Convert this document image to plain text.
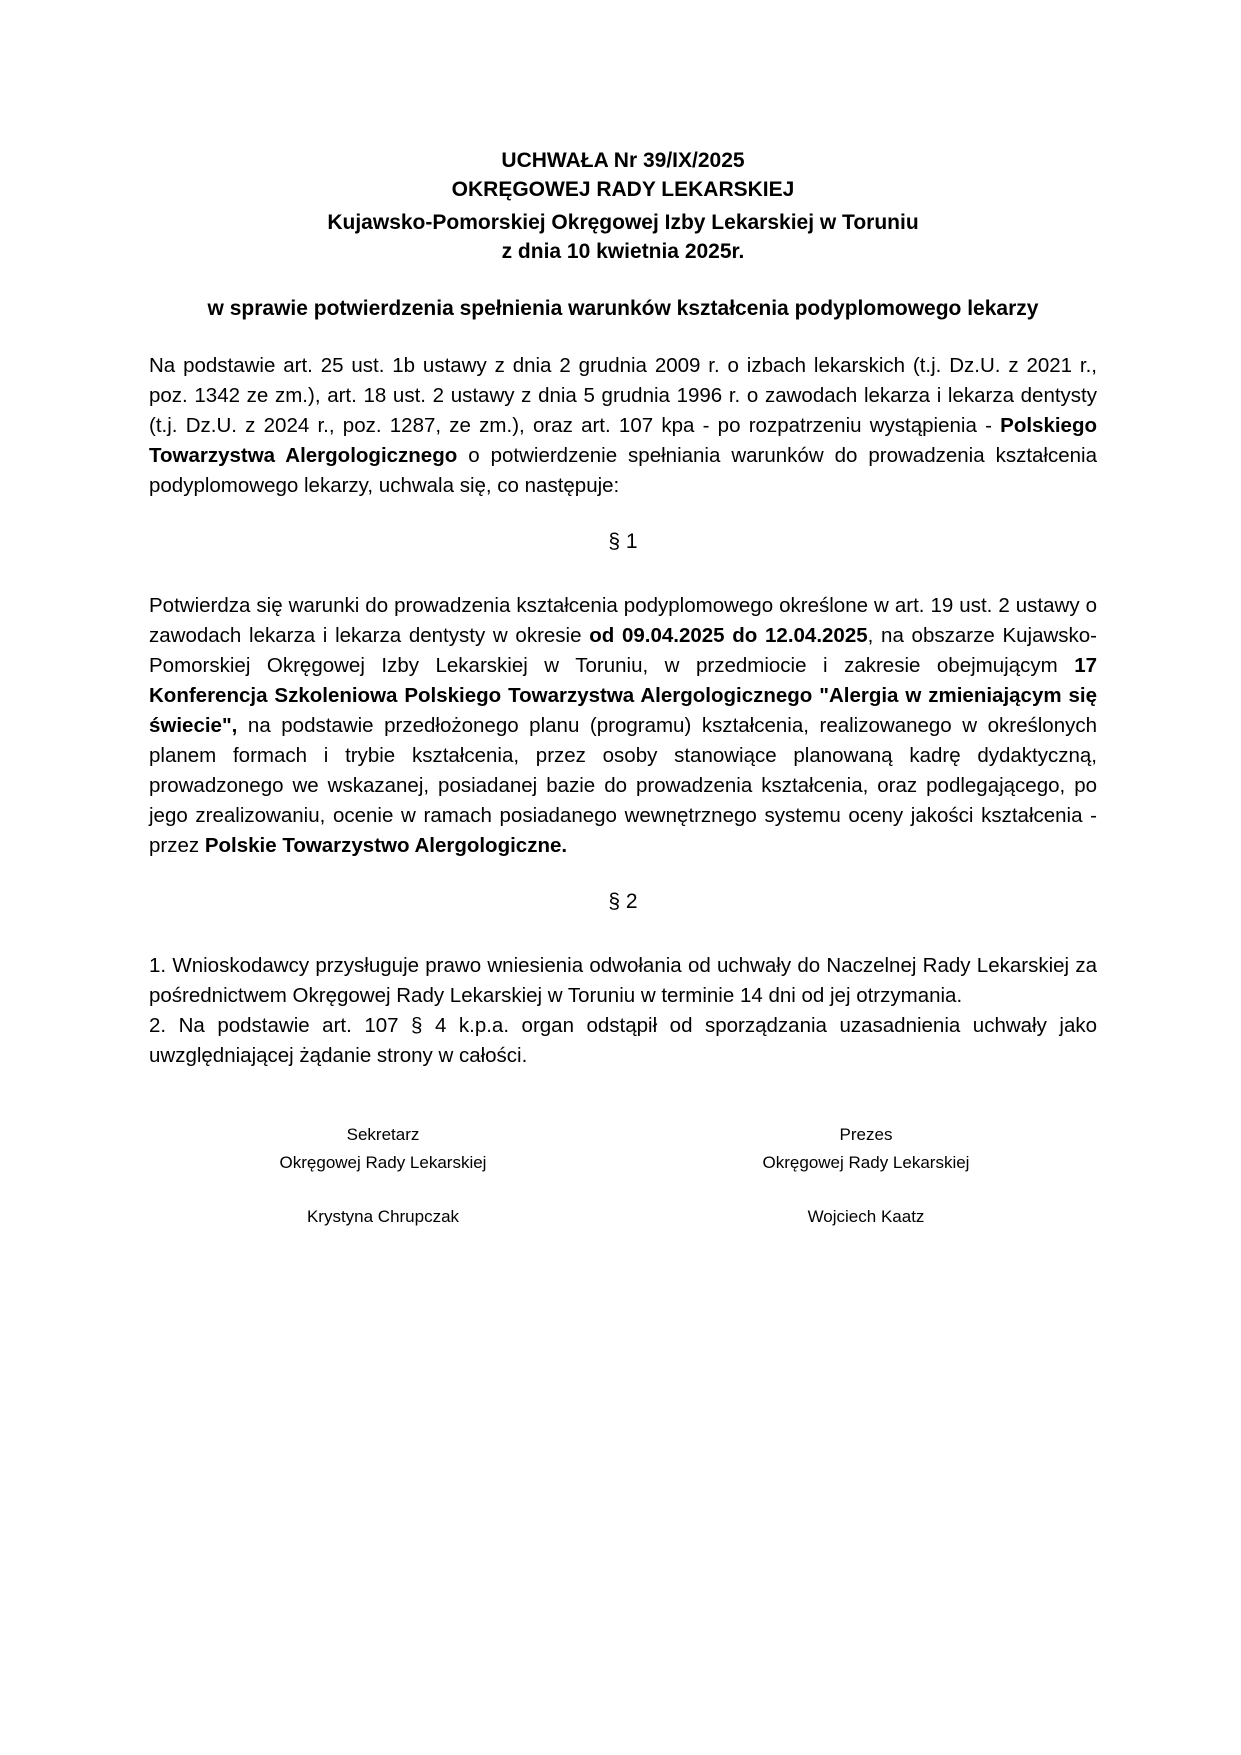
UCHWAŁA Nr 39/IX/2025
OKRĘGOWEJ RADY LEKARSKIEJ
Kujawsko-Pomorskiej Okręgowej Izby Lekarskiej w Toruniu
z dnia 10 kwietnia 2025r.
w sprawie potwierdzenia spełnienia warunków kształcenia podyplomowego lekarzy

Na podstawie art. 25 ust. 1b ustawy z dnia 2 grudnia 2009 r. o izbach lekarskich (t.j. Dz.U. z 2021 r., poz. 1342 ze zm.), art. 18 ust. 2 ustawy z dnia 5 grudnia 1996 r. o zawodach lekarza i lekarza dentysty (t.j. Dz.U. z 2024 r., poz. 1287, ze zm.), oraz art. 107 kpa - po rozpatrzeniu wystąpienia - Polskiego Towarzystwa Alergologicznego o potwierdzenie spełniania warunków do prowadzenia kształcenia podyplomowego lekarzy, uchwala się, co następuje:

§ 1

Potwierdza się warunki do prowadzenia kształcenia podyplomowego określone w art. 19 ust. 2 ustawy o zawodach lekarza i lekarza dentysty w okresie od 09.04.2025 do 12.04.2025, na obszarze Kujawsko-Pomorskiej Okręgowej Izby Lekarskiej w Toruniu, w przedmiocie i zakresie obejmującym 17 Konferencja Szkoleniowa Polskiego Towarzystwa Alergologicznego "Alergia w zmieniającym się świecie", na podstawie przedłożonego planu (programu) kształcenia, realizowanego w określonych planem formach i trybie kształcenia, przez osoby stanowiące planowaną kadrę dydaktyczną, prowadzonego we wskazanej, posiadanej bazie do prowadzenia kształcenia, oraz podlegającego, po jego zrealizowaniu, ocenie w ramach posiadanego wewnętrznego systemu oceny jakości kształcenia - przez Polskie Towarzystwo Alergologiczne.

§ 2

1. Wnioskodawcy przysługuje prawo wniesienia odwołania od uchwały do Naczelnej Rady Lekarskiej za pośrednictwem Okręgowej Rady Lekarskiej w Toruniu w terminie 14 dni od jej otrzymania.

2. Na podstawie art. 107 § 4 k.p.a. organ odstąpił od sporządzania uzasadnienia uchwały jako uwzględniającej żądanie strony w całości.

Sekretarz
Okręgowej Rady Lekarskiej
Krystyna Chrupczak
Prezes
Okręgowej Rady Lekarskiej
Wojciech Kaatz
